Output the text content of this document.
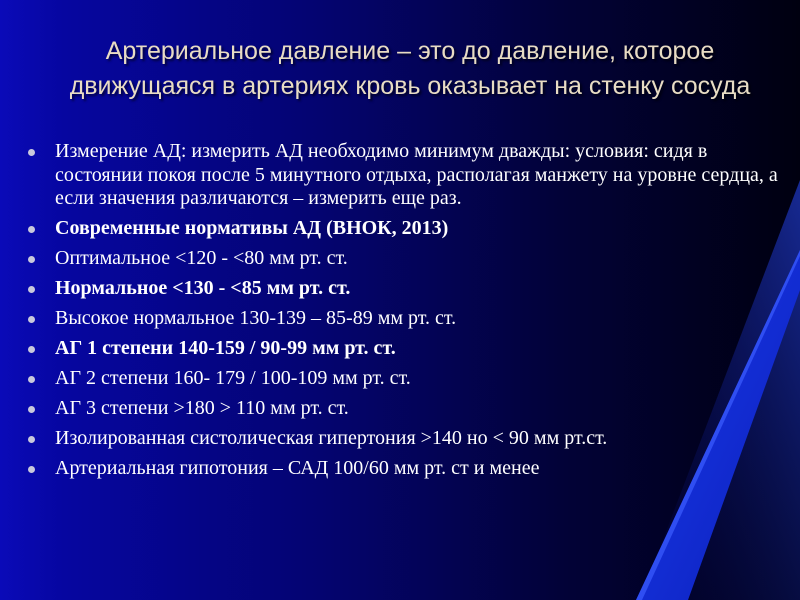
Артериальное давление – это до давление, которое движущаяся в артериях кровь оказывает на стенку сосуда
Измерение АД: измерить АД необходимо минимум дважды: условия: сидя в состоянии покоя после 5 минутного отдыха, располагая манжету на уровне сердца, а если значения различаются – измерить еще раз.
Современные нормативы АД (ВНОК, 2013)
Оптимальное <120 - <80 мм рт. ст.
Нормальное <130 - <85 мм рт. ст.
Высокое нормальное 130-139 – 85-89 мм рт. ст.
АГ 1 степени 140-159 / 90-99 мм рт. ст.
АГ 2 степени 160- 179 / 100-109 мм рт. ст.
АГ 3 степени >180 > 110 мм рт. ст.
Изолированная систолическая гипертония >140 но < 90 мм рт.ст.
Артериальная гипотония – САД 100/60 мм рт. ст и менее
